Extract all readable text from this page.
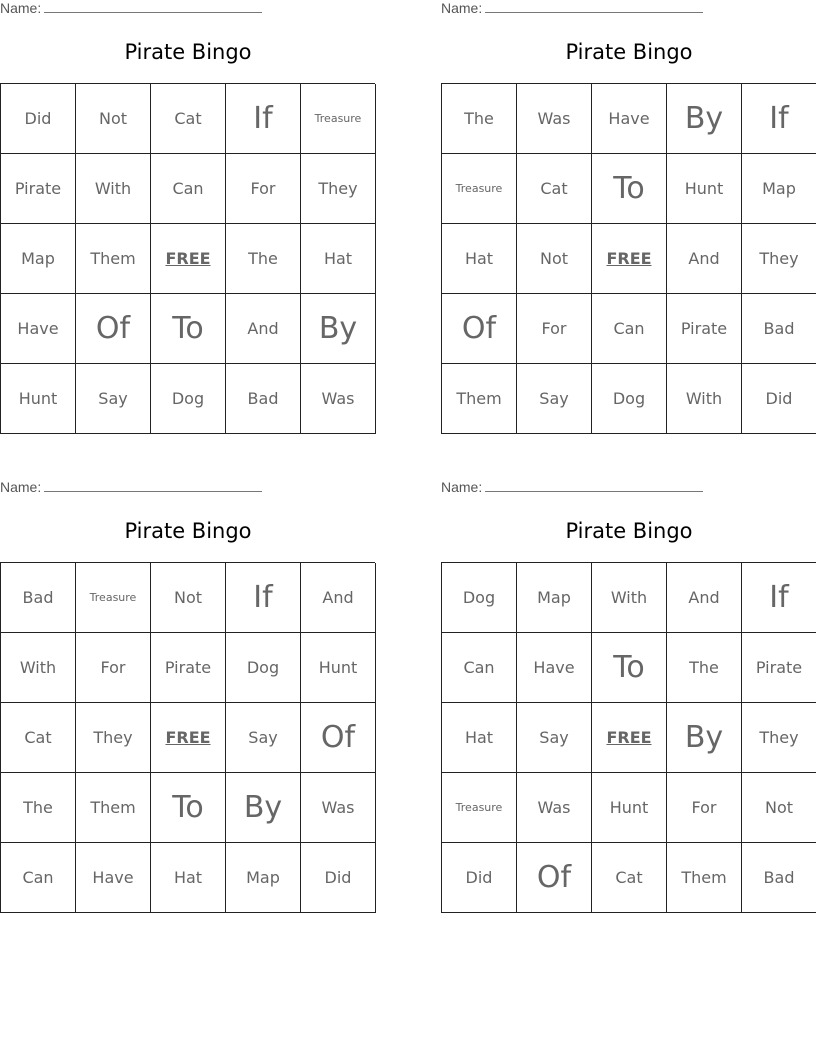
Name:
Pirate Bingo
Did	Not	Cat	If	Treasure
Pirate	With	Can	For	They
Map	Them	FREE	The	Hat
Have	Of	To	And	By
Hunt	Say	Dog	Bad	Was
Name:
Pirate Bingo
The	Was	Have	By	If
Treasure	Cat	To	Hunt	Map
Hat	Not	FREE	And	They
Of	For	Can	Pirate	Bad
Them	Say	Dog	With	Did
Name:
Pirate Bingo
Bad	Treasure	Not	If	And
With	For	Pirate	Dog	Hunt
Cat	They	FREE	Say	Of
The	Them	To	By	Was
Can	Have	Hat	Map	Did
Name:
Pirate Bingo
Dog	Map	With	And	If
Can	Have	To	The	Pirate
Hat	Say	FREE	By	They
Treasure	Was	Hunt	For	Not
Did	Of	Cat	Them	Bad
